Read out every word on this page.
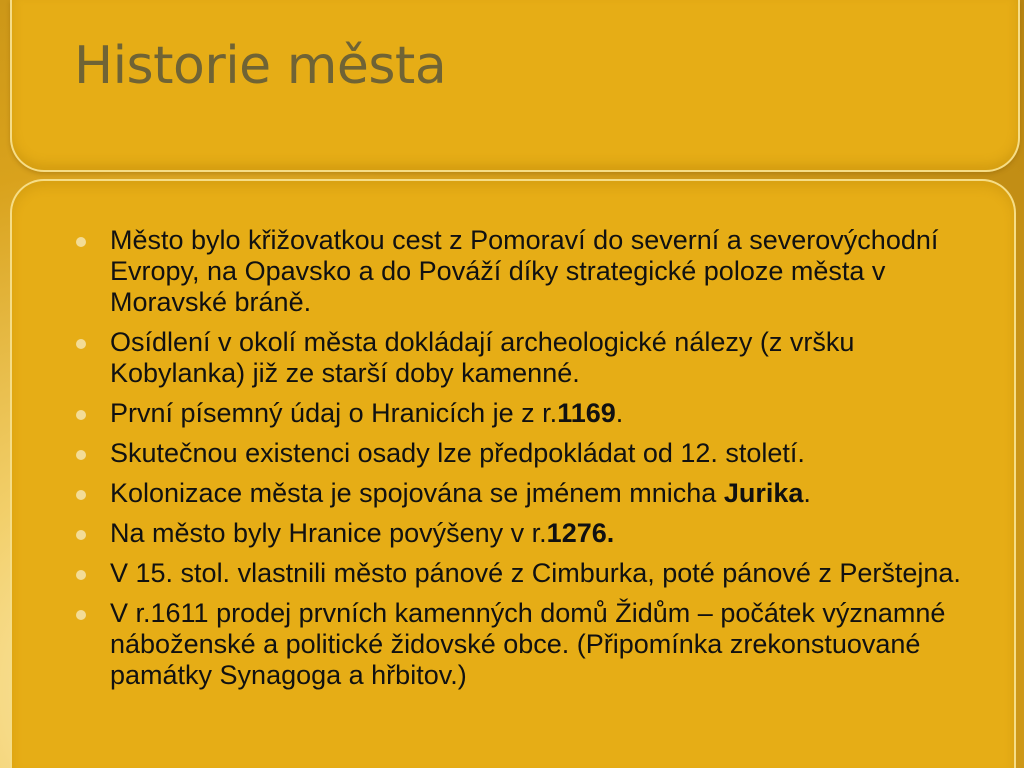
Historie města
Město bylo křižovatkou cest z Pomoraví do severní a severovýchodní Evropy, na Opavsko a do Pováží díky strategické poloze města v Moravské bráně.
Osídlení v okolí města dokládají archeologické nálezy (z vršku Kobylanka) již ze starší doby kamenné.
První písemný údaj o Hranicích je z r.1169.
Skutečnou existenci osady lze předpokládat od 12. století.
Kolonizace města je spojována se jménem mnicha Jurika.
Na město byly Hranice povýšeny v r.1276.
V 15. stol. vlastnili město pánové z Cimburka, poté pánové z Perštejna.
V r.1611 prodej prvních kamenných domů Židům – počátek významné náboženské a politické židovské obce. (Připomínka zrekonstuované památky Synagoga a hřbitov.)
